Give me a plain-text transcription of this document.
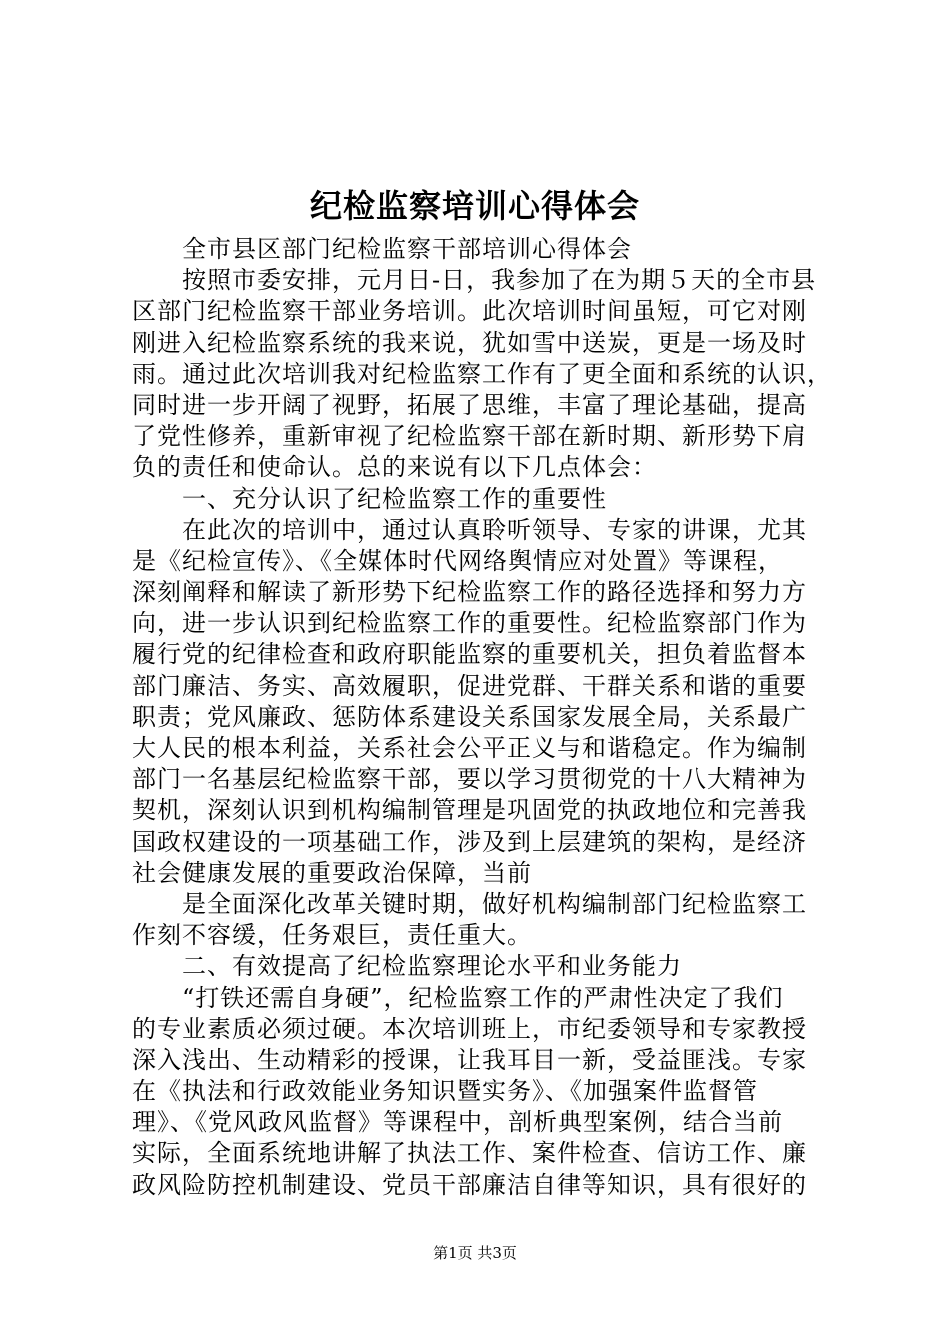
纪检监察培训心得体会
全市县区部门纪检监察干部培训心得体会
按照市委安排，元月日-日，我参加了在为期５天的全市县
区部门纪检监察干部业务培训。此次培训时间虽短，可它对刚
刚进入纪检监察系统的我来说，犹如雪中送炭，更是一场及时
雨。通过此次培训我对纪检监察工作有了更全面和系统的认识，
同时进一步开阔了视野，拓展了思维，丰富了理论基础，提高
了党性修养，重新审视了纪检监察干部在新时期、新形势下肩
负的责任和使命认。总的来说有以下几点体会：
一、充分认识了纪检监察工作的重要性
在此次的培训中，通过认真聆听领导、专家的讲课，尤其
是《纪检宣传》、《全媒体时代网络舆情应对处置》等课程，
深刻阐释和解读了新形势下纪检监察工作的路径选择和努力方
向，进一步认识到纪检监察工作的重要性。纪检监察部门作为
履行党的纪律检查和政府职能监察的重要机关，担负着监督本
部门廉洁、务实、高效履职，促进党群、干群关系和谐的重要
职责；党风廉政、惩防体系建设关系国家发展全局，关系最广
大人民的根本利益，关系社会公平正义与和谐稳定。作为编制
部门一名基层纪检监察干部，要以学习贯彻党的十八大精神为
契机，深刻认识到机构编制管理是巩固党的执政地位和完善我
国政权建设的一项基础工作，涉及到上层建筑的架构，是经济
社会健康发展的重要政治保障，当前
是全面深化改革关键时期，做好机构编制部门纪检监察工
作刻不容缓，任务艰巨，责任重大。
二、有效提高了纪检监察理论水平和业务能力
“打铁还需自身硬”，纪检监察工作的严肃性决定了我们
的专业素质必须过硬。本次培训班上，市纪委领导和专家教授
深入浅出、生动精彩的授课，让我耳目一新，受益匪浅。专家
在《执法和行政效能业务知识暨实务》、《加强案件监督管
理》、《党风政风监督》等课程中，剖析典型案例，结合当前
实际，全面系统地讲解了执法工作、案件检查、信访工作、廉
政风险防控机制建设、党员干部廉洁自律等知识，具有很好的
第1页 共3页
